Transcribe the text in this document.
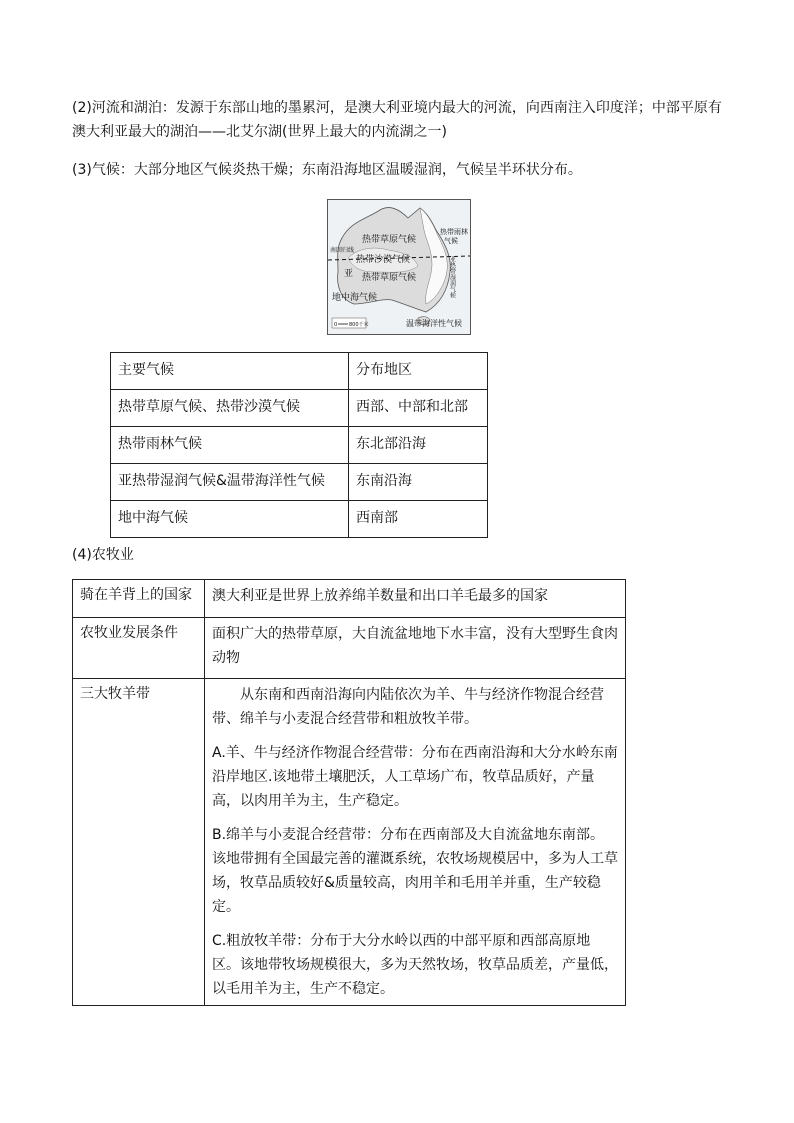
(2)河流和湖泊：发源于东部山地的墨累河，是澳大利亚境内最大的河流，向西南注入印度洋；中部平原有澳大利亚最大的湖泊——北艾尔湖(世界上最大的内流湖之一)
(3)气候：大部分地区气候炎热干燥；东南沿海地区温暖湿润，气候呈半环状分布。
热带草原气候
热带雨林
气候
南回归线
热带沙漠气候
亚 热带草原气候	亚热带湿润气候
地中海气候
温带海洋性气候
0 800千米
主要气候	分布地区
热带草原气候、热带沙漠气候	西部、中部和北部
热带雨林气候	东北部沿海
亚热带湿润气候&温带海洋性气候	东南沿海
地中海气候	西南部
(4)农牧业
骑在羊背上的国家	澳大利亚是世界上放养绵羊数量和出口羊毛最多的国家
农牧业发展条件	面积广大的热带草原，大自流盆地地下水丰富，没有大型野生食肉动物
三大牧羊带	从东南和西南沿海向内陆依次为羊、牛与经济作物混合经营带、绵羊与小麦混合经营带和粗放牧羊带。

A.羊、牛与经济作物混合经营带：分布在西南沿海和大分水岭东南沿岸地区.该地带土壤肥沃，人工草场广布，牧草品质好，产量高，以肉用羊为主，生产稳定。

B.绵羊与小麦混合经营带：分布在西南部及大自流盆地东南部。该地带拥有全国最完善的灌溉系统，农牧场规模居中，多为人工草场，牧草品质较好&质量较高，肉用羊和毛用羊并重，生产较稳定。

C.粗放牧羊带：分布于大分水岭以西的中部平原和西部高原地区。该地带牧场规模很大，多为天然牧场，牧草品质差，产量低，以毛用羊为主，生产不稳定。
